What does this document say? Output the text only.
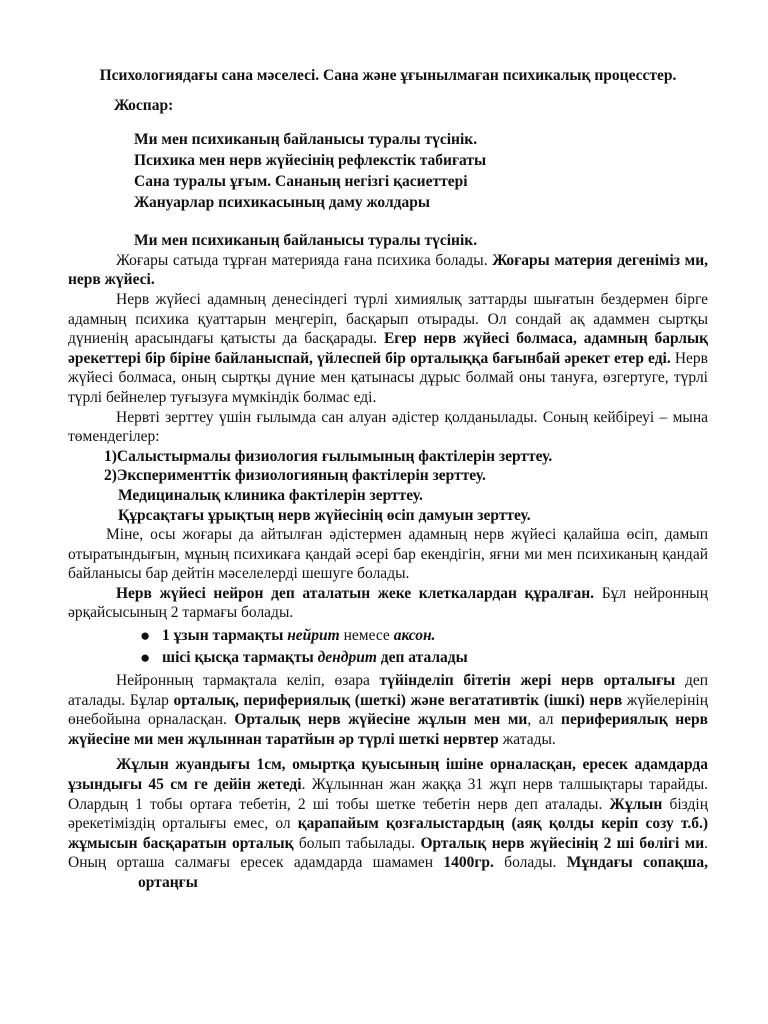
Психологиядағы сана мәселесі. Сана және ұғынылмаған психикалық процесстер.
Жоспар:
Ми мен психиканың байланысы туралы түсінік.
Психика мен нерв жүйесінің рефлекстік табиғаты
Сана туралы ұғым. Сананың негізгі қасиеттері
Жануарлар психикасының даму жолдары
Ми мен психиканың байланысы туралы түсінік.

Жоғары сатыда тұрған материяда ғана психика болады. Жоғары материя дегеніміз ми, нерв жүйесі.

Нерв жүйесі адамның денесіндегі түрлі химиялық заттарды шығатын бездермен бірге адамның психика қуаттарын меңгеріп, басқарып отырады. Ол сондай ақ адаммен сыртқы дүниенің арасындағы қатысты да басқарады. Егер нерв жүйесі болмаса, адамның барлық әрекеттері бір біріне байланыспай, үйлеспей бір орталыққа бағынбай әрекет етер еді. Нерв жүйесі болмаса, оның сыртқы дүние мен қатынасы дұрыс болмай оны тануға, өзгертуге, түрлі түрлі бейнелер туғызуға мүмкіндік болмас еді.

Нервті зерттеу үшін ғылымда сан алуан әдістер қолданылады. Соның кейбіреуі – мына төмендегілер:

1)Салыстырмалы физиология ғылымының фактілерін зерттеу.
2)Эксперименттік физиологияның фактілерін зерттеу.
Медициналық клиника фактілерін зерттеу.
Құрсақтағы ұрықтың нерв жүйесінің өсіп дамуын зерттеу.

Міне, осы жоғары да айтылған әдістермен адамның нерв жүйесі қалайша өсіп, дамып отыратындығын, мұның психикаға қандай әсері бар екендігін, яғни ми мен психиканың қандай байланысы бар дейтін мәселелерді шешуге болады.

Нерв жүйесі нейрон деп аталатын жеке клеткалардан құралған. Бұл нейронның әрқайсысының 2 тармағы болады.

● 1 ұзын тармақты нейрит немесе аксон.
● шісі қысқа тармақты дендрит деп аталады

Нейронның тармақтала келіп, өзара түйінделіп бітетін жері нерв орталығы деп аталады. Бұлар орталық, перифериялық (шеткі) және вегатативтік (ішкі) нерв жүйелерінің өнебойына орналасқан. Орталық нерв жүйесіне жұлын мен ми, ал перифериялық нерв жүйесіне ми мен жұлыннан таратйын әр түрлі шеткі нервтер жатады.

Жұлын жуандығы 1см, омыртқа қуысының ішіне орналасқан, ересек адамдарда ұзындығы 45 см ге дейін жетеді. Жұлыннан жан жаққа 31 жұп нерв талшықтары тарайды. Олардың 1 тобы ортаға тебетін, 2 ші тобы шетке тебетін нерв деп аталады. Жұлын біздің әрекетіміздің орталығы емес, ол қарапайым қозғалыстардың (аяқ қолды керіп созу т.б.) жұмысын басқаратын орталық болып табылады. Орталық нерв жүйесінің 2 ші бөлігі ми. Оның орташа салмағы ересек адамдарда шамамен 1400гр. болады. Мұндағы сопақша,ортаңғы
